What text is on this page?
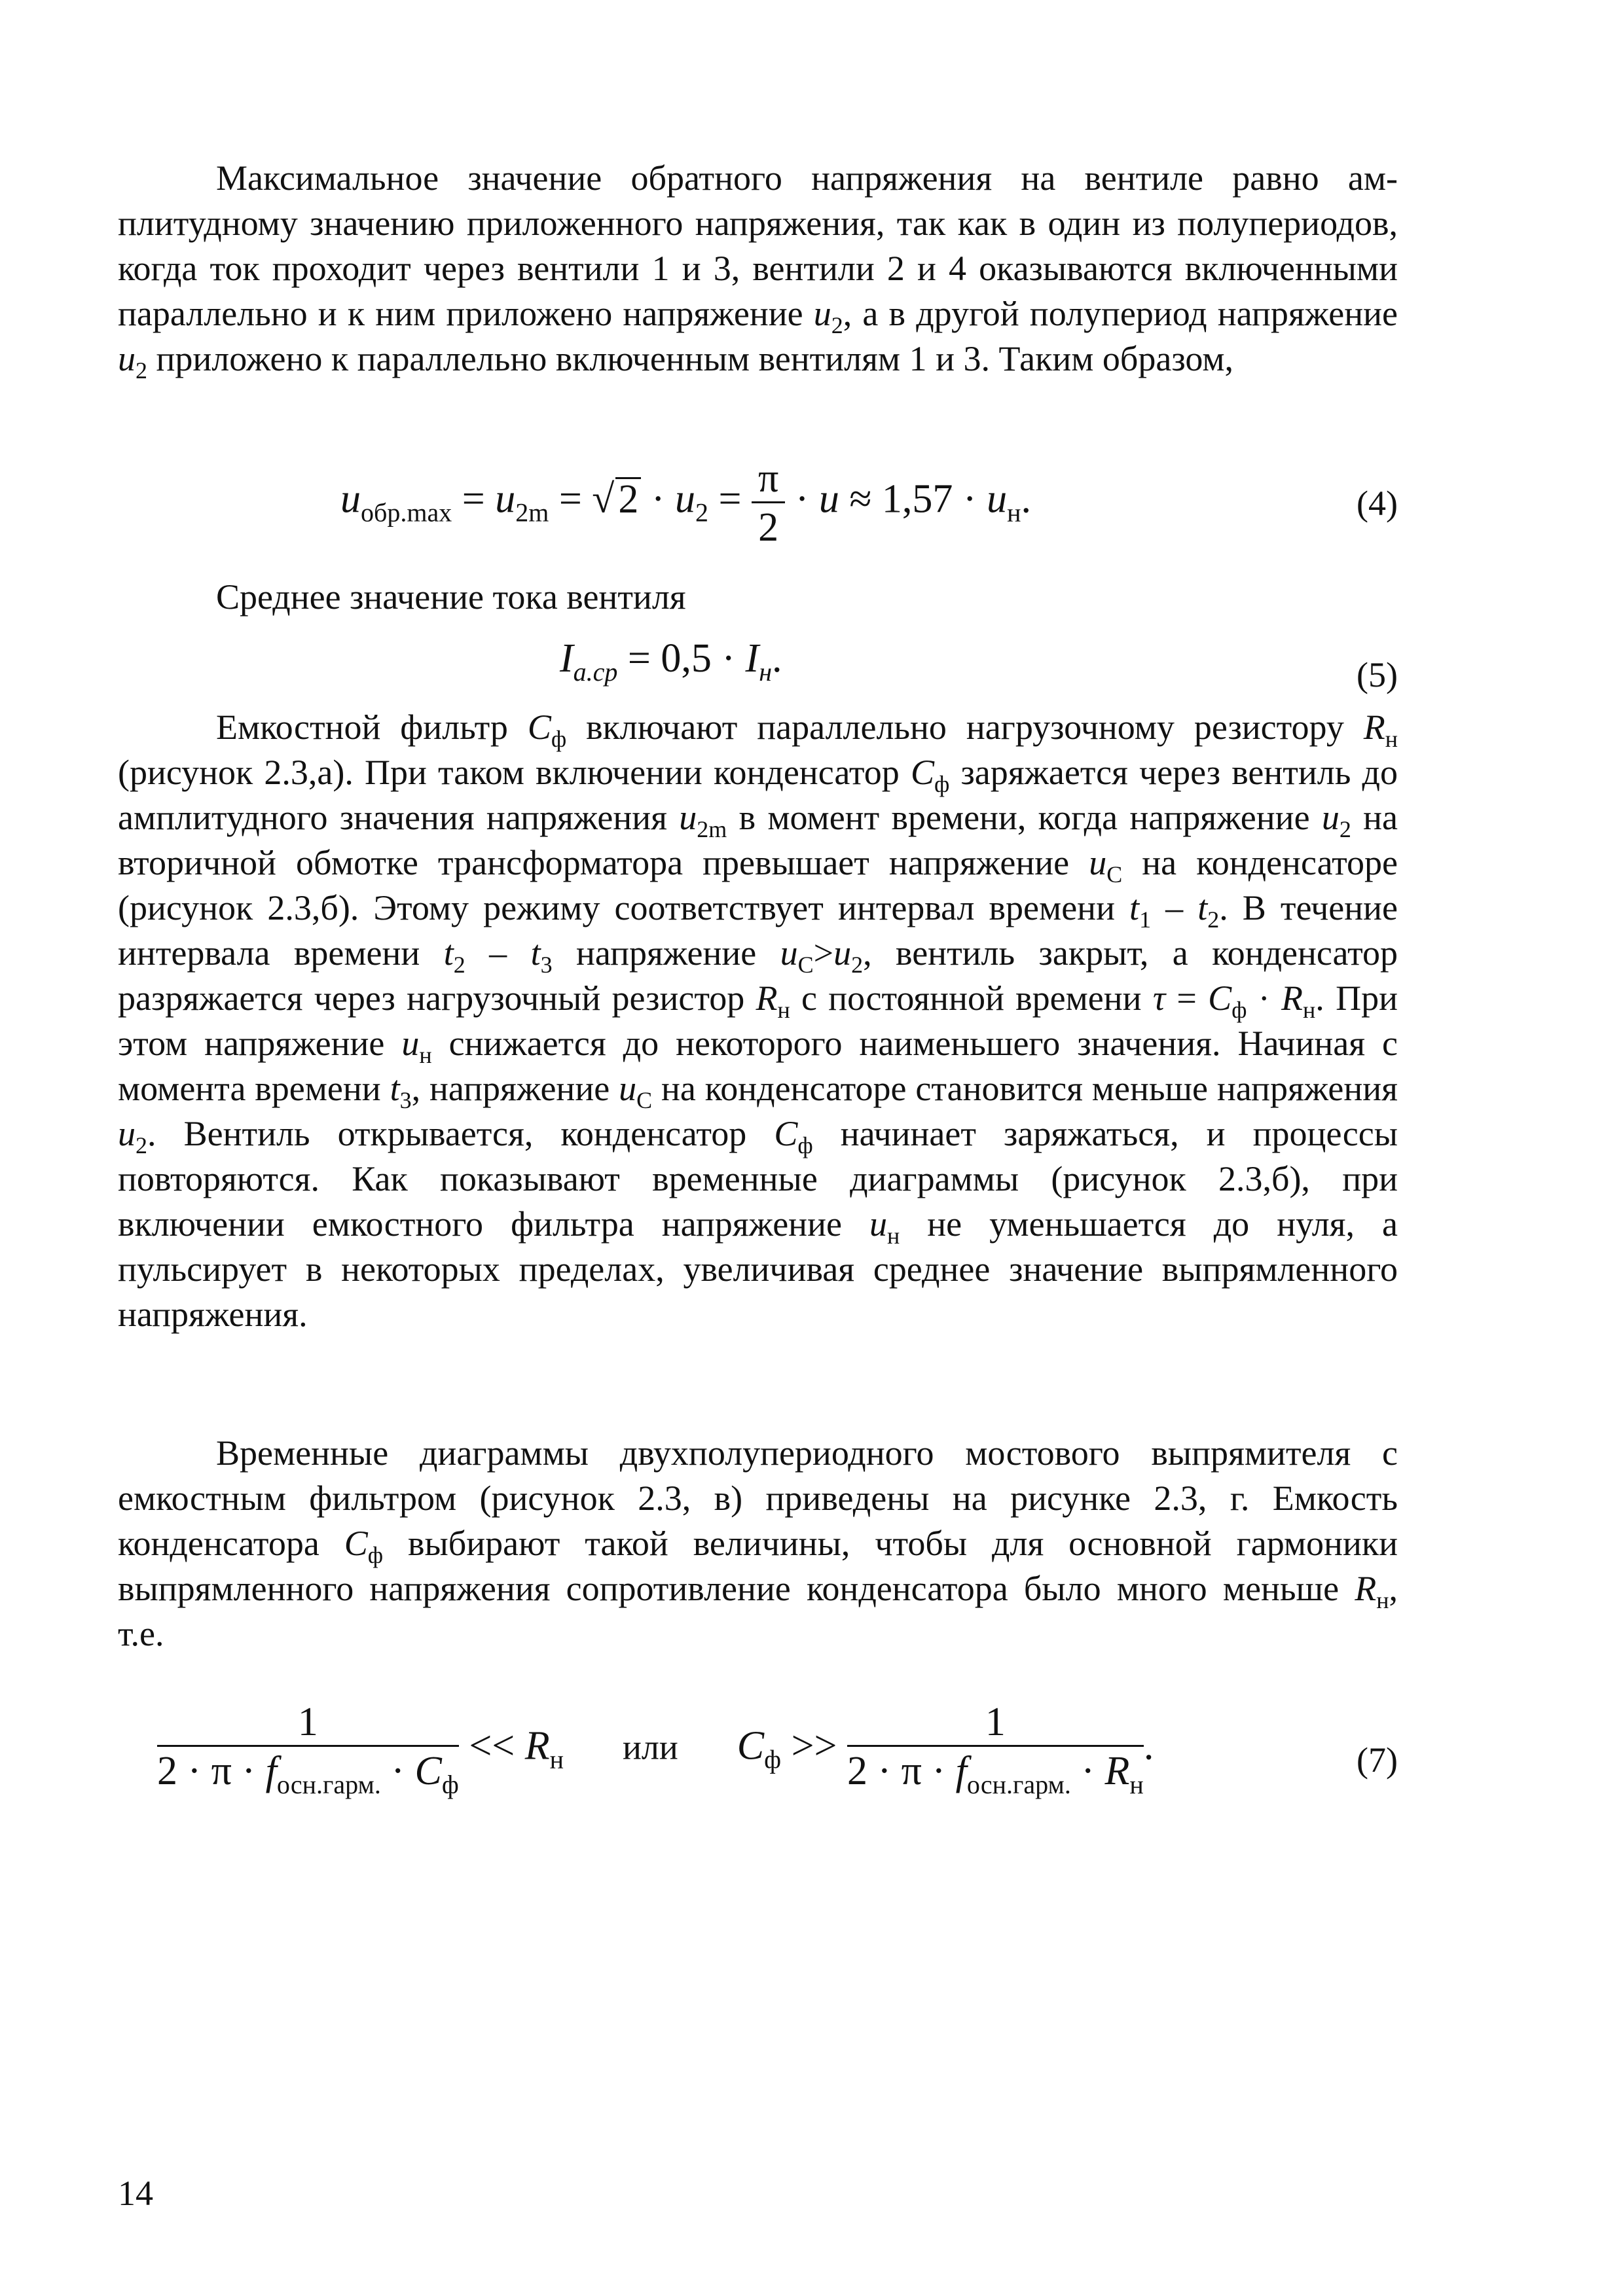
Максимальное значение обратного напряжения на вентиле равно амплитудному значению приложенного напряжения, так как в один из полупериодов, когда ток проходит через вентили 1 и 3, вентили 2 и 4 оказываются включенными параллельно и к ним приложено напряжение $u_2$, а в другой полупериод напряжение $u_2$ приложено к параллельно включенным вентилям 1 и 3. Таким образом,

$u_{обр.max} = u_{2m} = √2 \cdot u_2 = \frac{\pi}{2} \cdot u \approx 1,57 \cdot u_н$.	(4)

Среднее значение тока вентиля

$I_{a.cp} = 0,5 \cdot I_н$.	(5)

Емкостной фильтр $C_ф$ включают параллельно нагрузочному резистору $R_н$ (рисунок 2.3,а). При таком включении конденсатор $C_ф$ заряжается через вентиль до амплитудного значения напряжения $u_{2m}$ в момент времени, когда напряжение $u_2$ на вторичной обмотке трансформатора превышает напряжение $u_C$ на конденсаторе (рисунок 2.3,б). Этому режиму соответствует интервал времени $t_1 - t_2$. В течение интервала времени $t_2 - t_3$ напряжение $u_C>u_2$, вентиль закрыт, а конденсатор разряжается через нагрузочный резистор $R_н$ с постоянной времени $\tau = C_ф \cdot R_н$. При этом напряжение $u_н$ снижается до некоторого наименьшего значения. Начиная с момента времени $t_3$, напряжение $u_C$ на конденсаторе становится меньше напряжения $u_2$. Вентиль открывается, конденсатор $C_ф$ начинает заряжаться, и процессы повторяются. Как показывают временные диаграммы (рисунок 2.3,б), при включении емкостного фильтра напряжение $u_н$ не уменьшается до нуля, а пульсирует в некоторых пределах, увеличивая среднее значение выпрямленного напряжения.

Временные диаграммы двухполупериодного мостового выпрямителя с емкостным фильтром (рисунок 2.3, в) приведены на рисунке 2.3, г. Емкость конденсатора $C_ф$ выбирают такой величины, чтобы для основной гармоники выпрямленного напряжения сопротивление конденсатора было много меньше $R_н$, т.е.

$\frac{1}{2 \cdot \pi \cdot f_{осн.гарм.} \cdot C_ф} << R_н$ или $C_ф >> \frac{1}{2 \cdot \pi \cdot f_{осн.гарм.} \cdot R_н}$ .	(7)
14
